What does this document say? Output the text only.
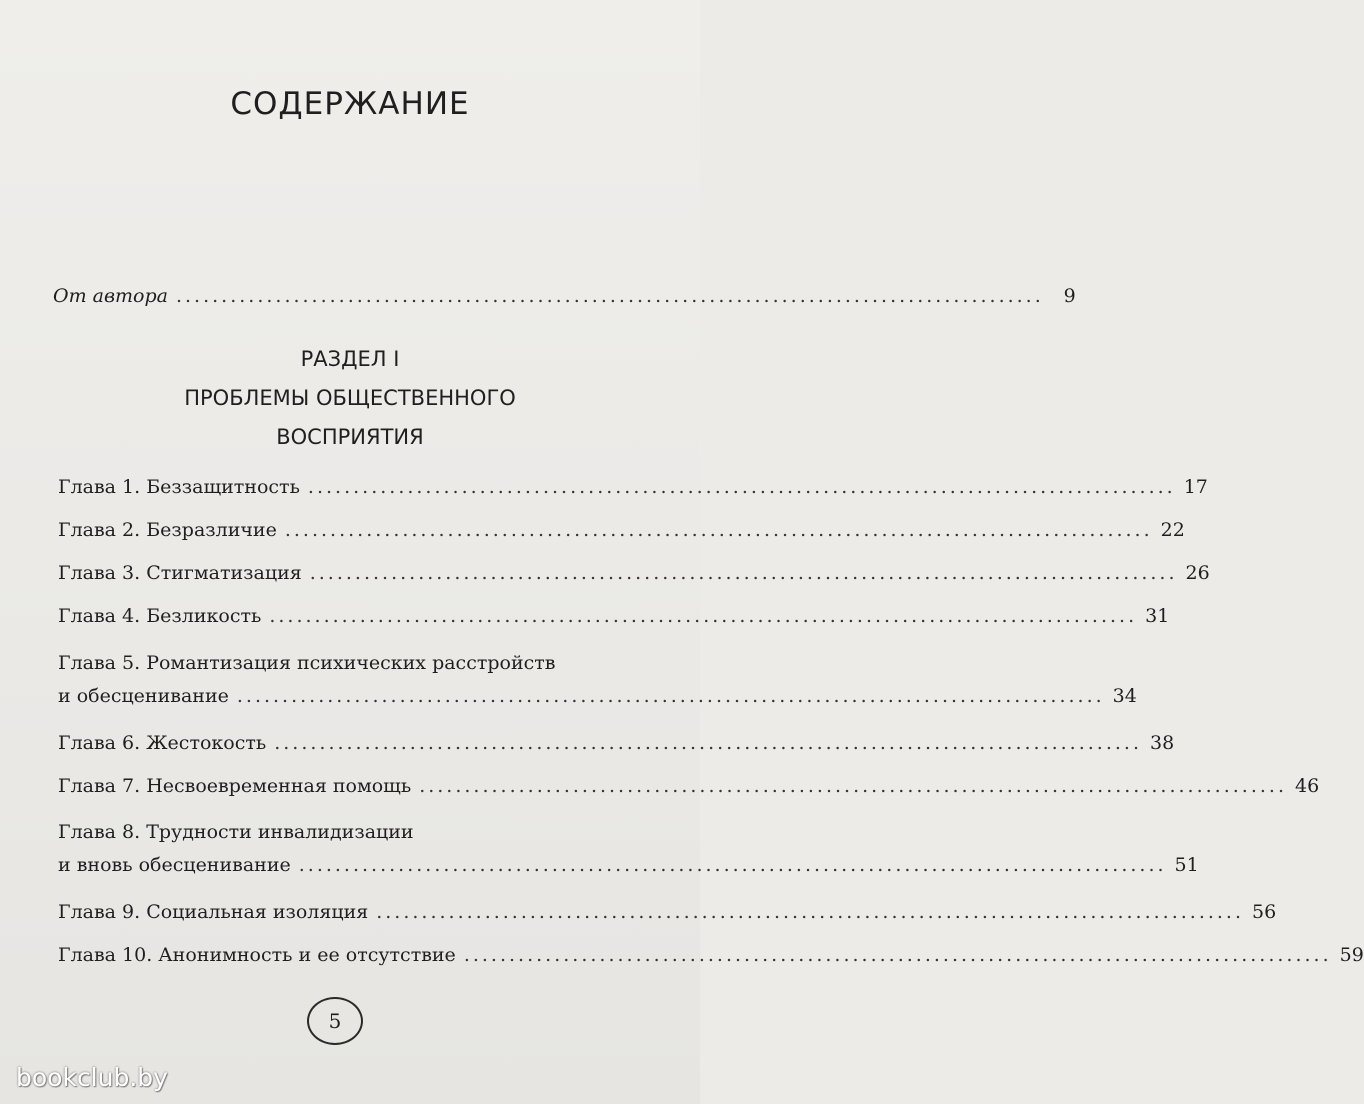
СОДЕРЖАНИЕ
От автора ................................................................................................	9
РАЗДЕЛ I
ПРОБЛЕМЫ ОБЩЕСТВЕННОГО
ВОСПРИЯТИЯ
Глава 1. Беззащитность ................................................................................................ 17
Глава 2. Безразличие ................................................................................................ 22
Глава 3. Стигматизация ................................................................................................ 26
Глава 4. Безликость ................................................................................................ 31
Глава 5. Романтизация психических расстройств
и обесценивание ................................................................................................ 34
Глава 6. Жестокость ................................................................................................ 38
Глава 7. Несвоевременная помощь ................................................................................................ 46
Глава 8. Трудности инвалидизации
и вновь обесценивание ................................................................................................ 51
Глава 9. Социальная изоляция ................................................................................................ 56
Глава 10. Анонимность и ее отсутствие ................................................................................................ 59
5
bookclub.by
